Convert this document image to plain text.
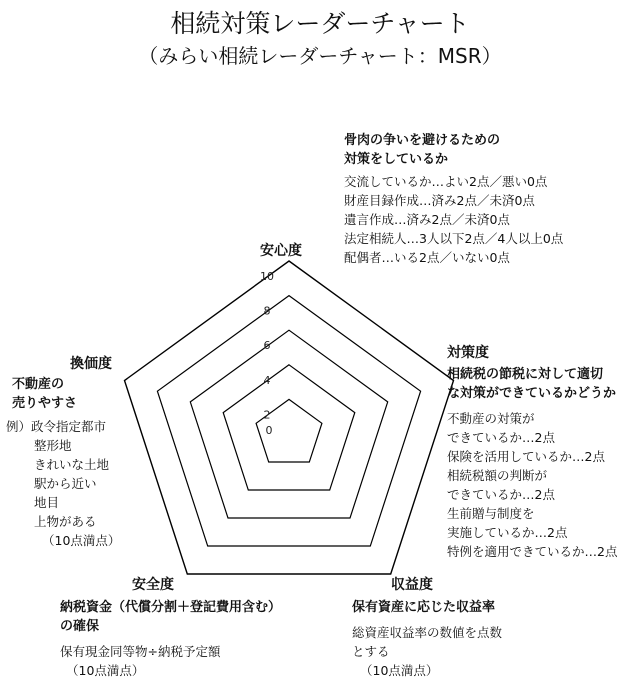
相続対策レーダーチャート
（みらい相続レーダーチャート：MSR）
0
2
4
6
8
10
安心度
骨肉の争いを避けるための
対策をしているか
交流しているか…よい2点／悪い0点
財産目録作成…済み2点／未済0点
遺言作成…済み2点／未済0点
法定相続人…3人以下2点／4人以上0点
配偶者…いる2点／いない0点
対策度
相続税の節税に対して適切
な対策ができているかどうか
不動産の対策が
できているか…2点
保険を活用しているか…2点
相続税額の判断が
できているか…2点
生前贈与制度を
実施しているか…2点
特例を適用できているか…2点
収益度
保有資産に応じた収益率
総資産収益率の数値を点数
とする
（10点満点）
安全度
納税資金（代償分割＋登記費用含む）
の確保
保有現金同等物÷納税予定額
（10点満点）
換価度
不動産の
売りやすさ
例）政令指定都市
整形地
きれいな土地
駅から近い
地目
上物がある
（10点満点）
